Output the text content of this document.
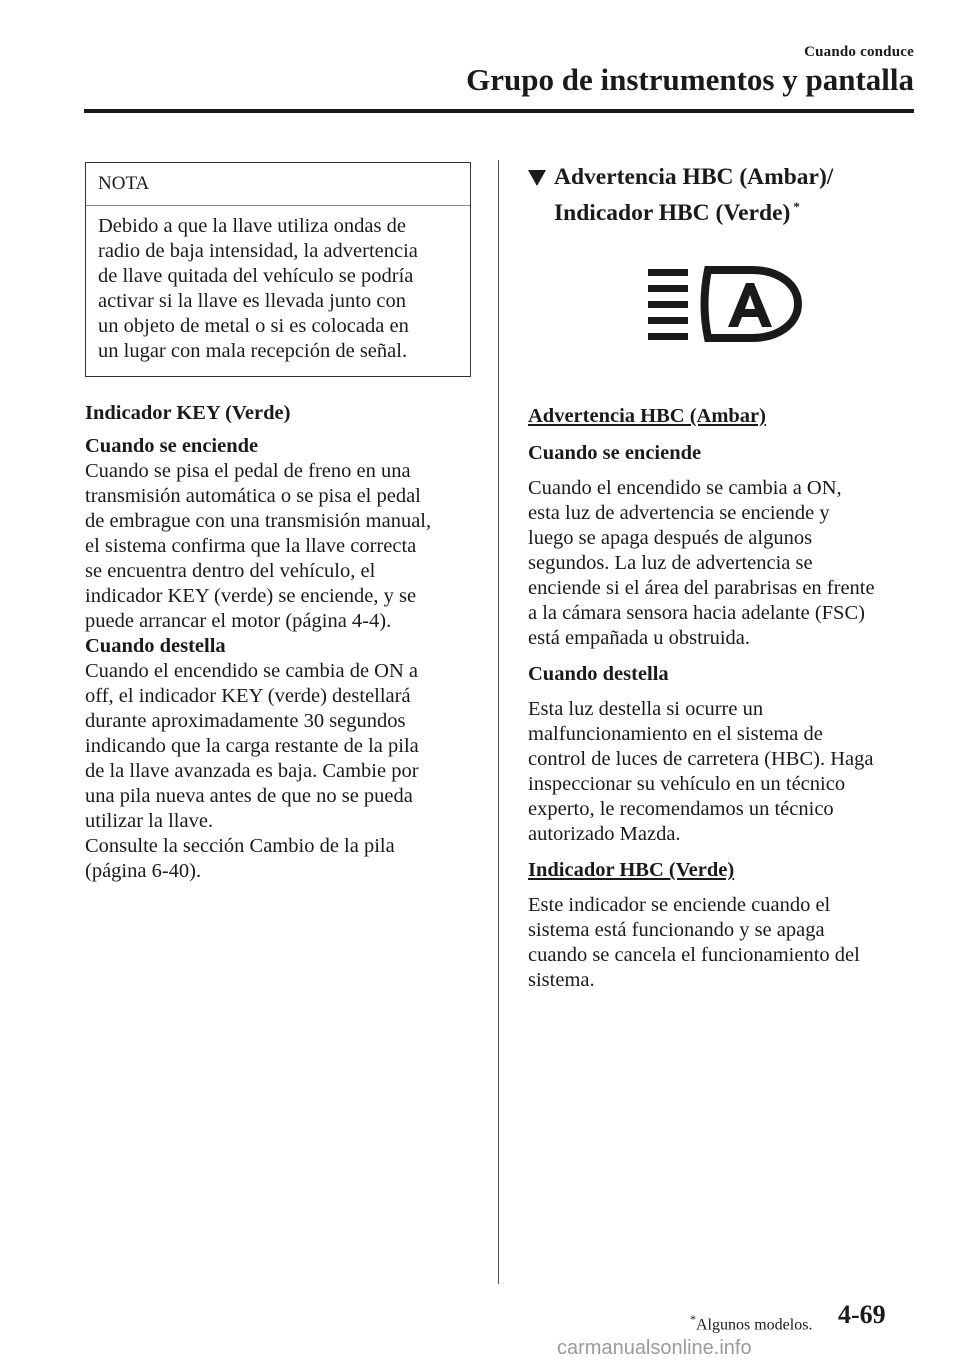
Cuando conduce
Grupo de instrumentos y pantalla
NOTA
Debido a que la llave utiliza ondas de
radio de baja intensidad, la advertencia
de llave quitada del vehículo se podría
activar si la llave es llevada junto con
un objeto de metal o si es colocada en
un lugar con mala recepción de señal.
Indicador KEY (Verde)
Cuando se enciende
Cuando se pisa el pedal de freno en una
transmisión automática o se pisa el pedal
de embrague con una transmisión manual,
el sistema confirma que la llave correcta
se encuentra dentro del vehículo, el
indicador KEY (verde) se enciende, y se
puede arrancar el motor (página 4-4).
Cuando destella
Cuando el encendido se cambia de ON a
off, el indicador KEY (verde) destellará
durante aproximadamente 30 segundos
indicando que la carga restante de la pila
de la llave avanzada es baja. Cambie por
una pila nueva antes de que no se pueda
utilizar la llave.
Consulte la sección Cambio de la pila
(página 6-40).
Advertencia HBC (Ambar)/
Indicador HBC (Verde) *
Advertencia HBC (Ambar)
Cuando se enciende
Cuando el encendido se cambia a ON,
esta luz de advertencia se enciende y
luego se apaga después de algunos
segundos. La luz de advertencia se
enciende si el área del parabrisas en frente
a la cámara sensora hacia adelante (FSC)
está empañada u obstruida.
Cuando destella
Esta luz destella si ocurre un
malfuncionamiento en el sistema de
control de luces de carretera (HBC). Haga
inspeccionar su vehículo en un técnico
experto, le recomendamos un técnico
autorizado Mazda.
Indicador HBC (Verde)
Este indicador se enciende cuando el
sistema está funcionando y se apaga
cuando se cancela el funcionamiento del
sistema.
*Algunos modelos. 4-69
carmanualsonline.info
